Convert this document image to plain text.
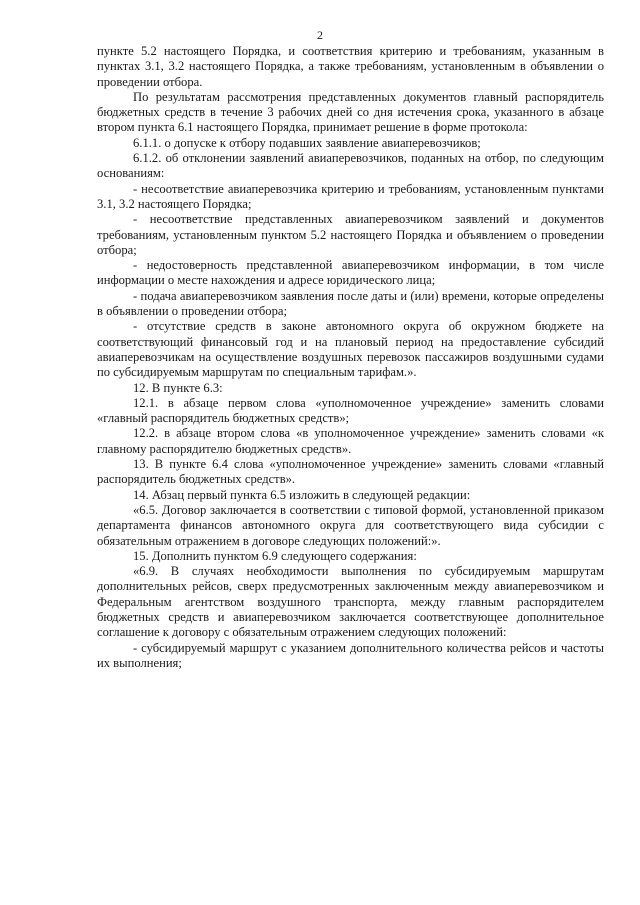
2

пункте 5.2 настоящего Порядка, и соответствия критерию и требованиям, указанным в пунктах 3.1, 3.2 настоящего Порядка, а также требованиям, установленным в объявлении о проведении отбора.

По результатам рассмотрения представленных документов главный распорядитель бюджетных средств в течение 3 рабочих дней со дня истечения срока, указанного в абзаце втором пункта 6.1 настоящего Порядка, принимает решение в форме протокола:

6.1.1. о допуске к отбору подавших заявление авиаперевозчиков;

6.1.2. об отклонении заявлений авиаперевозчиков, поданных на отбор, по следующим основаниям:

- несоответствие авиаперевозчика критерию и требованиям, установленным пунктами 3.1, 3.2 настоящего Порядка;

- несоответствие представленных авиаперевозчиком заявлений и документов требованиям, установленным пунктом 5.2 настоящего Порядка и объявлением о проведении отбора;

- недостоверность представленной авиаперевозчиком информации, в том числе информации о месте нахождения и адресе юридического лица;

- подача авиаперевозчиком заявления после даты и (или) времени, которые определены в объявлении о проведении отбора;

- отсутствие средств в законе автономного округа об окружном бюджете на соответствующий финансовый год и на плановый период на предоставление субсидий авиаперевозчикам на осуществление воздушных перевозок пассажиров воздушными судами по субсидируемым маршрутам по специальным тарифам.».

12. В пункте 6.3:

12.1. в абзаце первом слова «уполномоченное учреждение» заменить словами «главный распорядитель бюджетных средств»;

12.2. в абзаце втором слова «в уполномоченное учреждение» заменить словами «к главному распорядителю бюджетных средств».

13. В пункте 6.4 слова «уполномоченное учреждение» заменить словами «главный распорядитель бюджетных средств».

14. Абзац первый пункта 6.5 изложить в следующей редакции:

«6.5. Договор заключается в соответствии с типовой формой, установленной приказом департамента финансов автономного округа для соответствующего вида субсидии с обязательным отражением в договоре следующих положений:».

15. Дополнить пунктом 6.9 следующего содержания:

«6.9. В случаях необходимости выполнения по субсидируемым маршрутам дополнительных рейсов, сверх предусмотренных заключенным между авиаперевозчиком и Федеральным агентством воздушного транспорта, между главным распорядителем бюджетных средств и авиаперевозчиком заключается соответствующее дополнительное соглашение к договору с обязательным отражением следующих положений:

- субсидируемый маршрут с указанием дополнительного количества рейсов и частоты их выполнения;
